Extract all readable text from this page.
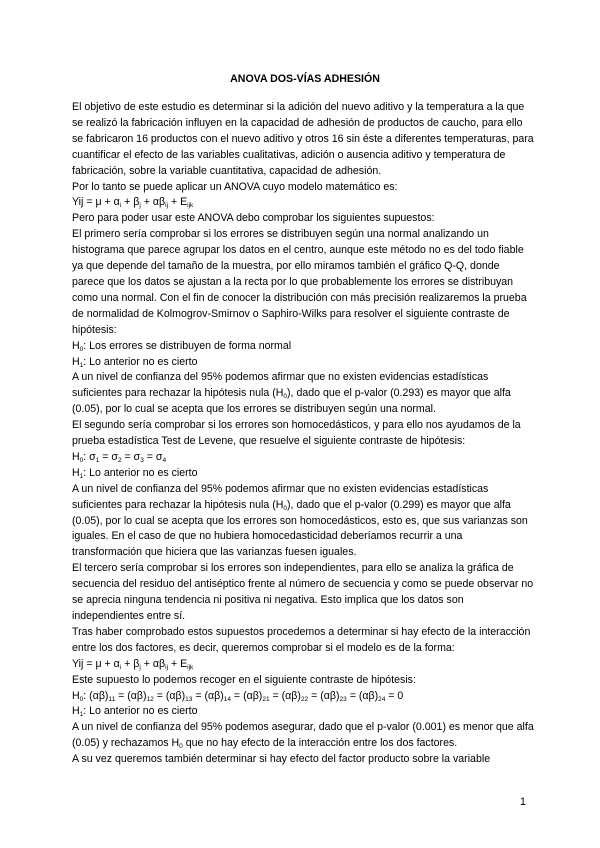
ANOVA DOS-VÍAS ADHESIÓN

El objetivo de este estudio es determinar si la adición del nuevo aditivo y la temperatura a la que se realizó la fabricación influyen en la capacidad de adhesión de productos de caucho, para ello se fabricaron 16 productos con el nuevo aditivo y otros 16 sin éste a diferentes temperaturas, para cuantificar el efecto de las variables cualitativas, adición o ausencia aditivo y temperatura de fabricación, sobre la variable cuantitativa, capacidad de adhesión.

Por lo tanto se puede aplicar un ANOVA cuyo modelo matemático es:

Yij = $\mu + \alpha_i + \beta_j + \alpha\beta_{ij} + E_{ijk}$

Pero para poder usar este ANOVA debo comprobar los siguientes supuestos:

El primero sería comprobar si los errores se distribuyen según una normal analizando un histograma que parece agrupar los datos en el centro, aunque este método no es del todo fiable ya que depende del tamaño de la muestra, por ello miramos también el gráfico Q-Q, donde parece que los datos se ajustan a la recta por lo que probablemente los errores se distribuyan como una normal. Con el fin de conocer la distribución con más precisión realizaremos la prueba de normalidad de Kolmogrov-Smirnov o Saphiro-Wilks para resolver el siguiente contraste de hipótesis:

$H_0$: Los errores se distribuyen de forma normal

$H_1$: Lo anterior no es cierto

A un nivel de confianza del 95% podemos afirmar que no existen evidencias estadísticas suficientes para rechazar la hipótesis nula $(H_0)$, dado que el p-valor (0.293) es mayor que alfa (0.05), por lo cual se acepta que los errores se distribuyen según una normal.

El segundo sería comprobar si los errores son homocedásticos, y para ello nos ayudamos de la prueba estadística Test de Levene, que resuelve el siguiente contraste de hipótesis:

$H_0$: $\sigma_1 = \sigma_2 = \sigma_3 = \sigma_4$

$H_1$: Lo anterior no es cierto

A un nivel de confianza del 95% podemos afirmar que no existen evidencias estadísticas suficientes para rechazar la hipótesis nula $(H_0)$, dado que el p-valor (0.299) es mayor que alfa (0.05), por lo cual se acepta que los errores son homocedásticos, esto es, que sus varianzas son iguales. En el caso de que no hubiera homocedasticidad deberíamos recurrir a una transformación que hiciera que las varianzas fuesen iguales.

El tercero sería comprobar si los errores son independientes, para ello se analiza la gráfica de secuencia del residuo del antiséptico frente al número de secuencia y como se puede observar no se aprecia ninguna tendencia ni positiva ni negativa. Esto implica que los datos son independientes entre sí.

Tras haber comprobado estos supuestos procedemos a determinar si hay efecto de la interacción entre los dos factores, es decir, queremos comprobar si el modelo es de la forma:

Yij = $\mu + \alpha_i + \beta_j + \alpha\beta_{ij} + E_{ijk}$

Este supuesto lo podemos recoger en el siguiente contraste de hipótesis:

$H_0$: $(\alpha\beta)_{11} = (\alpha\beta)_{12} = (\alpha\beta)_{13} = (\alpha\beta)_{14} = (\alpha\beta)_{21} = (\alpha\beta)_{22} = (\alpha\beta)_{23} = (\alpha\beta)_{24} = 0$

$H_1$: Lo anterior no es cierto

A un nivel de confianza del 95% podemos asegurar, dado que el p-valor (0.001) es menor que alfa (0.05) y rechazamos $H_0$ que no hay efecto de la interacción entre los dos factores.

A su vez queremos también determinar si hay efecto del factor producto sobre la variable

1
